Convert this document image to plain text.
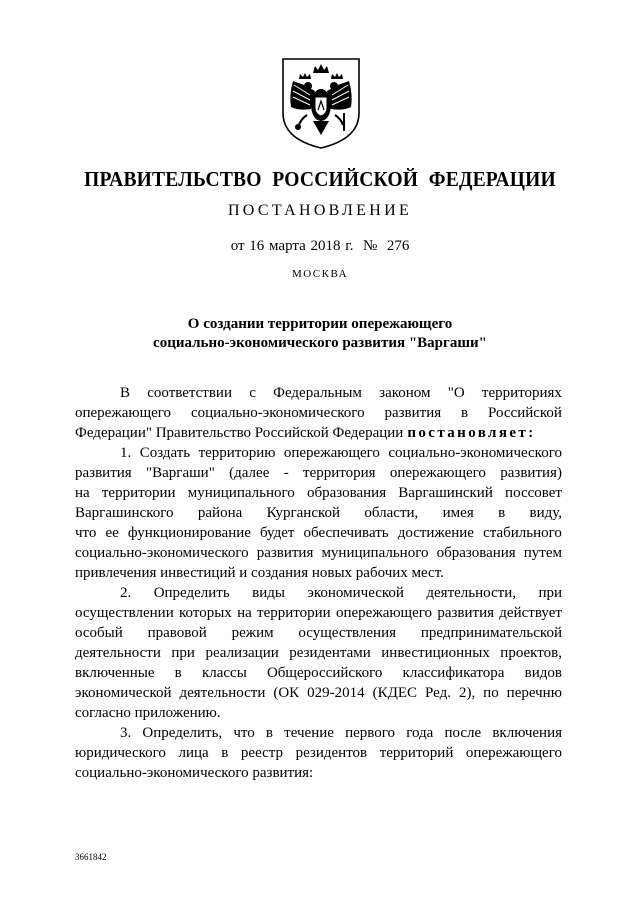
ПРАВИТЕЛЬСТВО РОССИЙСКОЙ ФЕДЕРАЦИИ
ПОСТАНОВЛЕНИЕ
от 16 марта 2018 г.  №  276
МОСКВА
О создании территории опережающего
социально-экономического развития "Варгаши"
В соответствии с Федеральным законом "О территориях
опережающего социально-экономического развития в Российской
Федерации" Правительство Российской Федерации постановляет:
1. Создать территорию опережающего социально-экономического
развития "Варгаши" (далее - территория опережающего развития)
на территории муниципального образования Варгашинский поссовет
Варгашинского района Курганской области, имея в виду,
что ее функционирование будет обеспечивать достижение стабильного
социально-экономического развития муниципального образования путем
привлечения инвестиций и создания новых рабочих мест.
2. Определить виды экономической деятельности, при
осуществлении которых на территории опережающего развития действует
особый правовой режим осуществления предпринимательской
деятельности при реализации резидентами инвестиционных проектов,
включенные в классы Общероссийского классификатора видов
экономической деятельности (ОК 029-2014 (КДЕС Ред. 2), по перечню
согласно приложению.
3. Определить, что в течение первого года после включения
юридического лица в реестр резидентов территорий опережающего
социально-экономического развития:
3661842
